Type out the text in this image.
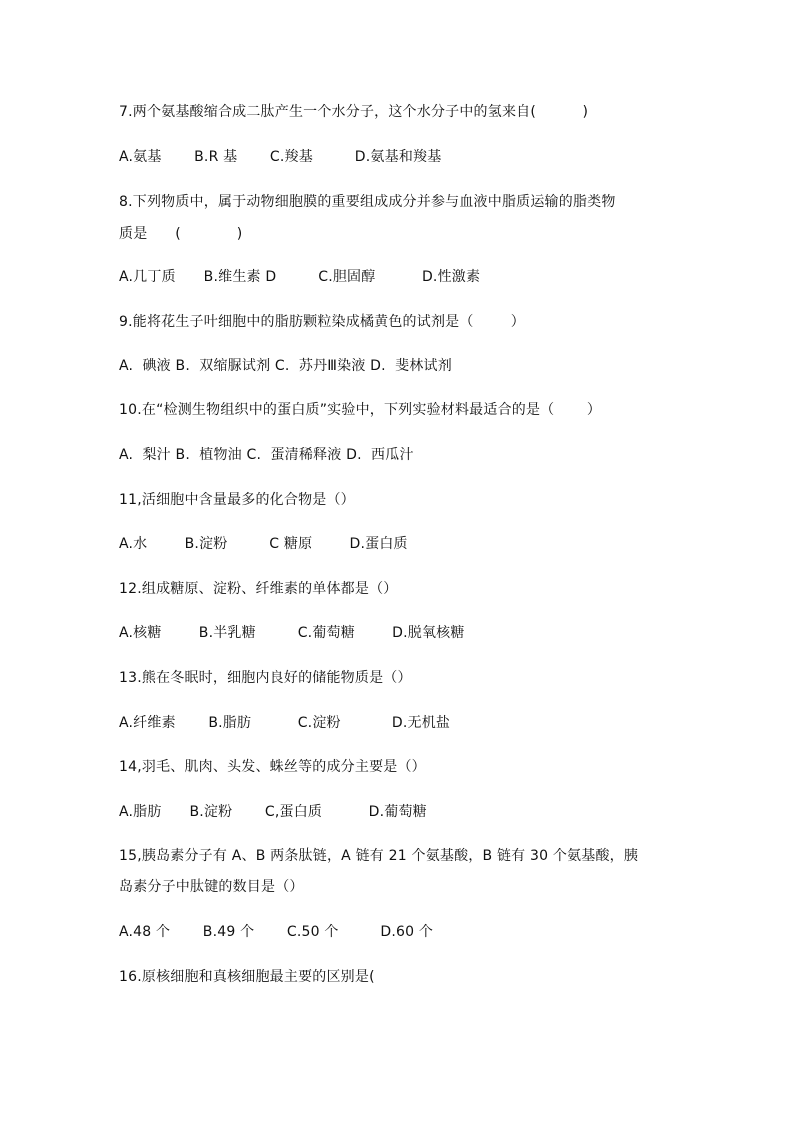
7.两个氨基酸缩合成二肽产生一个水分子，这个水分子中的氢来自(          )
A.氨基       B.R 基       C.羧基         D.氨基和羧基
8.下列物质中，属于动物细胞膜的重要组成成分并参与血液中脂质运输的脂类物
质是      (            )
A.几丁质      B.维生素 D         C.胆固醇          D.性激素
9.能将花生子叶细胞中的脂肪颗粒染成橘黄色的试剂是（        ）
A.  碘液 B.  双缩脲试剂 C.  苏丹Ⅲ染液 D.  斐林试剂
10.在“检测生物组织中的蛋白质”实验中，下列实验材料最适合的是（       ）
A.  梨汁 B.  植物油 C.  蛋清稀释液 D.  西瓜汁
11,活细胞中含量最多的化合物是（）
A.水        B.淀粉         C 糖原        D.蛋白质
12.组成糖原、淀粉、纤维素的单体都是（）
A.核糖        B.半乳糖         C.葡萄糖        D.脱氧核糖
13.熊在冬眠时，细胞内良好的储能物质是（）
A.纤维素       B.脂肪          C.淀粉           D.无机盐
14,羽毛、肌肉、头发、蛛丝等的成分主要是（）
A.脂肪      B.淀粉       C,蛋白质          D.葡萄糖
15,胰岛素分子有 A、B 两条肽链，A 链有 21 个氨基酸，B 链有 30 个氨基酸，胰
岛素分子中肽键的数目是（）
A.48 个       B.49 个       C.50 个         D.60 个
16.原核细胞和真核细胞最主要的区别是(
